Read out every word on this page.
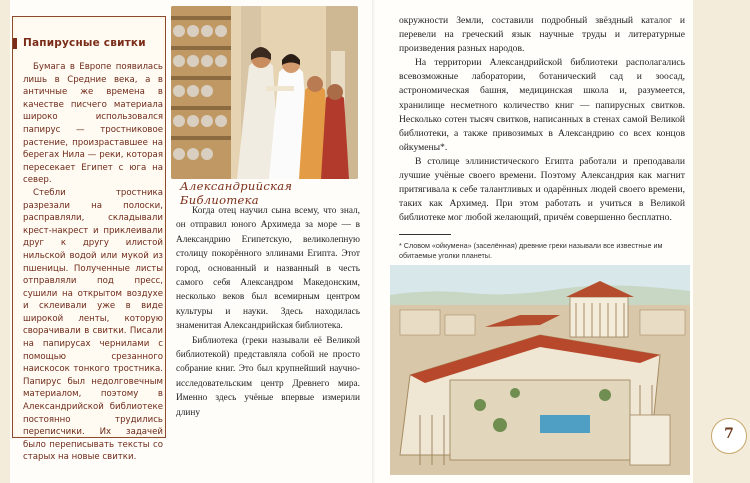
Папирусные свитки

Бумага в Европе появилась лишь в Средние века, а в античные же времена в качестве писчего материала широко использовался папирус — тростниковое растение, произраставшее на берегах Нила — реки, которая пересекает Египет с юга на север.

Стебли тростника разрезали на полоски, расправляли, складывали крест-накрест и приклеивали друг к другу илистой нильской водой или мукой из пшеницы. Полученные листы отправляли под пресс, сушили на открытом воздухе и склеивали уже в виде широкой ленты, которую сворачивали в свитки. Писали на папирусах чернилами с помощью срезанного наискосок тонкого тростника. Папирус был недолговечным материалом, поэтому в Александрийской библиотеке постоянно трудились переписчики. Их задачей было переписывать тексты со старых на новые свитки.

Александрийская Библиотека

Когда отец научил сына всему, что знал, он отправил юного Архимеда за море — в Александрию Египетскую, великолепную столицу покорённого эллинами Египта. Этот город, основанный и названный в честь самого себя Александром Македонским, несколько веков был всемирным центром культуры и науки. Здесь находилась знаменитая Александрийская библиотека.

Библиотека (греки называли её Великой библиотекой) представляла собой не просто собрание книг. Это был крупнейший научно-исследовательским центр Древнего мира. Именно здесь учёные впервые измерили длину

окружности Земли, составили подробный звёздный каталог и перевели на греческий язык научные труды и литературные произведения разных народов.

На территории Александрийской библиотеки располагались всевозможные лаборатории, ботанический сад и зоосад, астрономическая башня, медицинская школа и, разумеется, хранилище несметного количество книг — папирусных свитков. Несколько сотен тысяч свитков, написанных в стенах самой Великой библиотеки, а также привозимых в Александрию со всех концов ойкумены*.

В столице эллинистического Египта работали и преподавали лучшие учёные своего времени. Поэтому Александрия как магнит притягивала к себе талантливых и одарённых людей своего времени, таких как Архимед. При этом работать и учиться в Великой библиотеке мог любой желающий, причём совершенно бесплатно.

* Словом «ойкумена» (заселённая) древние греки называли все известные им обитаемые уголки планеты.
7
